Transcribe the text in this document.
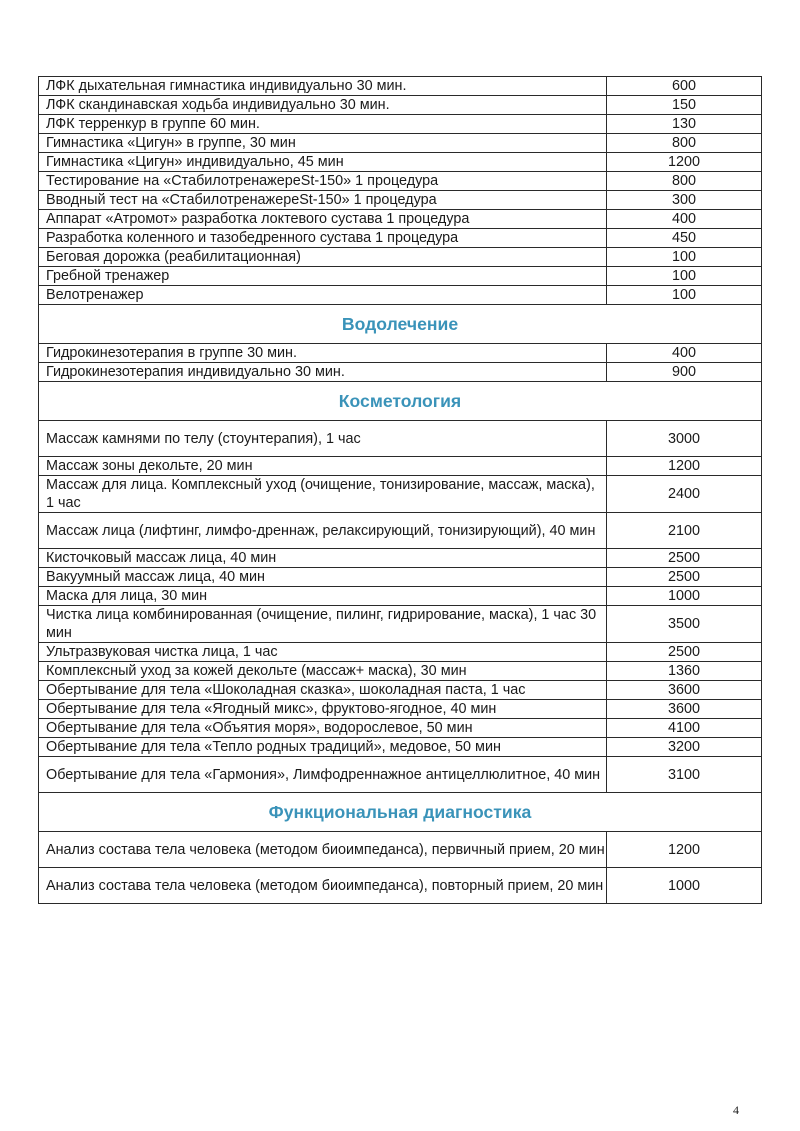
ЛФК дыхательная гимнастика индивидуально 30 мин.	600
ЛФК скандинавская ходьба индивидуально 30 мин.	150
ЛФК терренкур в группе 60 мин.	130
Гимнастика «Цигун» в группе, 30 мин	800
Гимнастика «Цигун» индивидуально, 45 мин	1200
Тестирование на «СтабилотренажереSt-150» 1 процедура	800
Вводный тест на «СтабилотренажереSt-150» 1 процедура	300
Аппарат «Атромот» разработка локтевого сустава 1 процедура	400
Разработка коленного и тазобедренного сустава 1 процедура	450
Беговая дорожка (реабилитационная)	100
Гребной тренажер	100
Велотренажер	100
Водолечение	
Гидрокинезотерапия в группе 30 мин.	400
Гидрокинезотерапия индивидуально 30 мин.	900
Косметология	
Массаж камнями по телу (стоунтерапия), 1 час	3000
Массаж зоны декольте, 20 мин	1200
Массаж для лица. Комплексный уход (очищение, тонизирование, массаж, маска), 1 час	2400
Массаж лица (лифтинг, лимфо-дреннаж, релаксирующий, тонизирующий), 40 мин	2100
Кисточковый массаж лица, 40 мин	2500
Вакуумный массаж лица, 40 мин	2500
Маска для лица, 30 мин	1000
Чистка лица комбинированная (очищение, пилинг, гидрирование, маска), 1 час 30 мин	3500
Ультразвуковая чистка лица, 1 час	2500
Комплексный уход за кожей декольте (массаж+ маска), 30 мин	1360
Обертывание для тела «Шоколадная сказка», шоколадная паста, 1 час	3600
Обертывание для тела «Ягодный микс», фруктово-ягодное, 40 мин	3600
Обертывание для тела «Объятия моря», водорослевое, 50 мин	4100
Обертывание для тела «Тепло родных традиций», медовое, 50 мин	3200
Обертывание для тела «Гармония», Лимфодреннажное антицеллюлитное, 40 мин	3100
Функциональная диагностика	
Анализ состава тела человека (методом биоимпеданса), первичный прием, 20 мин	1200
Анализ состава тела человека (методом биоимпеданса), повторный прием, 20 мин	1000
4
